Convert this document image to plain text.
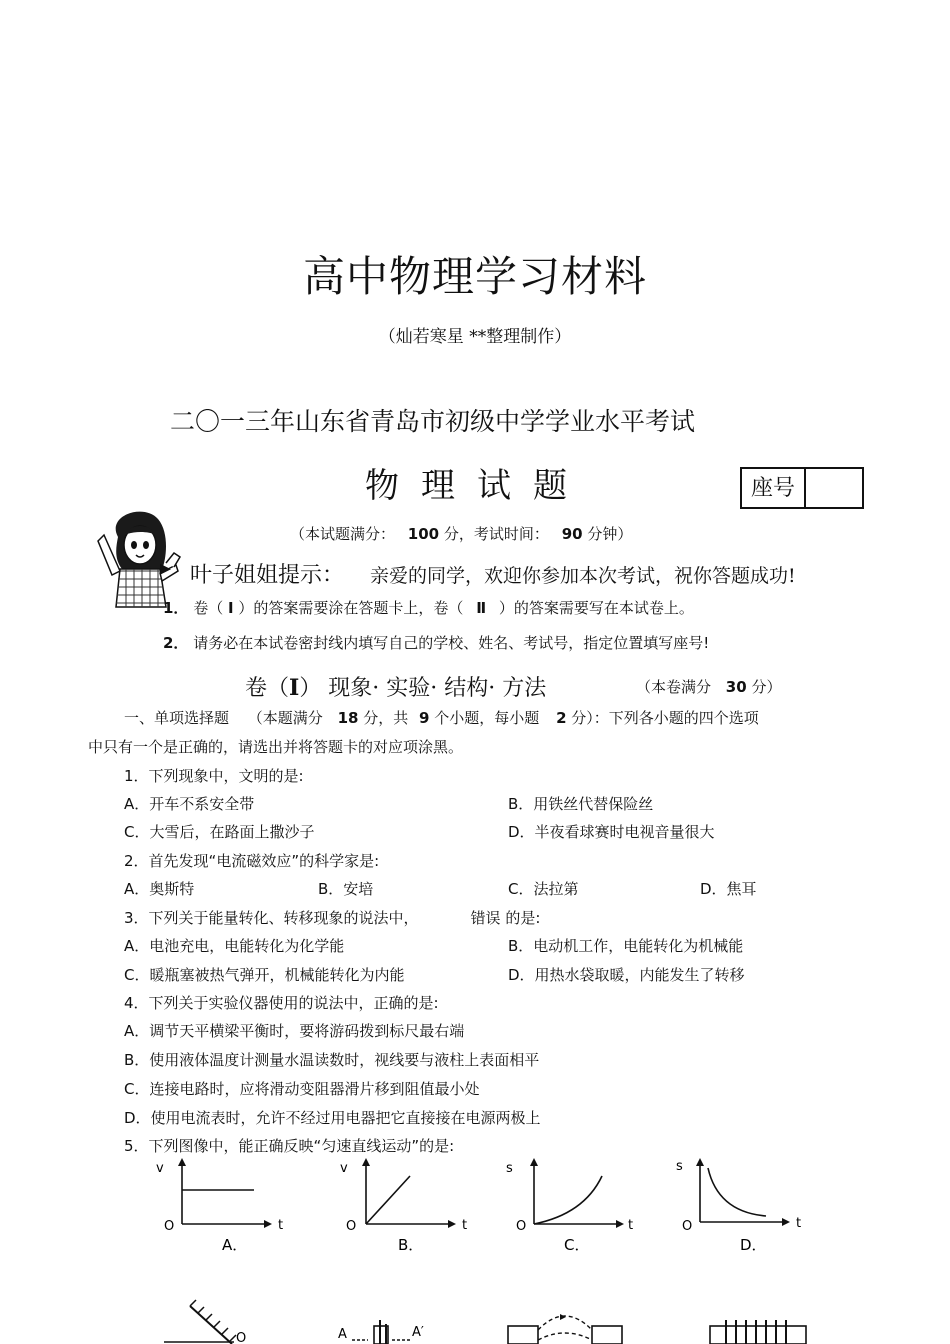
高中物理学习材料
（灿若寒星 **整理制作）
二〇一三年山东省青岛市初级中学学业水平考试
物理试题	座号
（本试题满分： 100 分，考试时间： 90 分钟）
▸ 叶子姐姐提示： 亲爱的同学，欢迎你参加本次考试，祝你答题成功!
1． 卷（ Ⅰ ）的答案需要涂在答题卡上，卷（ Ⅱ ）的答案需要写在本试卷上。
2． 请务必在本试卷密封线内填写自己的学校、姓名、考试号，指定位置填写座号!
卷（Ⅰ） 现象· 实验· 结构· 方法	（本卷满分 30 分）
一、单项选择题 （本题满分 18 分，共 9 个小题，每小题 2 分）：下列各小题的四个选项
中只有一个是正确的，请选出并将答题卡的对应项涂黑。
1．下列现象中，文明的是:
A．开车不系安全带	B．用铁丝代替保险丝
C．大雪后，在路面上撒沙子	D．半夜看球赛时电视音量很大
2．首先发现“电流磁效应”的科学家是:
A．奥斯特	B．安培	C．法拉第	D．焦耳
3．下列关于能量转化、转移现象的说法中，	错误 的是:
A．电池充电，电能转化为化学能	B．电动机工作，电能转化为机械能
C．暖瓶塞被热气弹开，机械能转化为内能	D．用热水袋取暖，内能发生了转移
4．下列关于实验仪器使用的说法中，正确的是:
A．调节天平横梁平衡时，要将游码拨到标尺最右端
B．使用液体温度计测量水温读数时，视线要与液柱上表面相平
C．连接电路时，应将滑动变阻器滑片移到阻值最小处
D．使用电流表时，允许不经过用电器把它直接接在电源两极上
5．下列图像中，能正确反映“匀速直线运动”的是:
v
t
O
A．
v
t
O
B．
s
t
O
C．
s
t
O
D．
O	A	A′
